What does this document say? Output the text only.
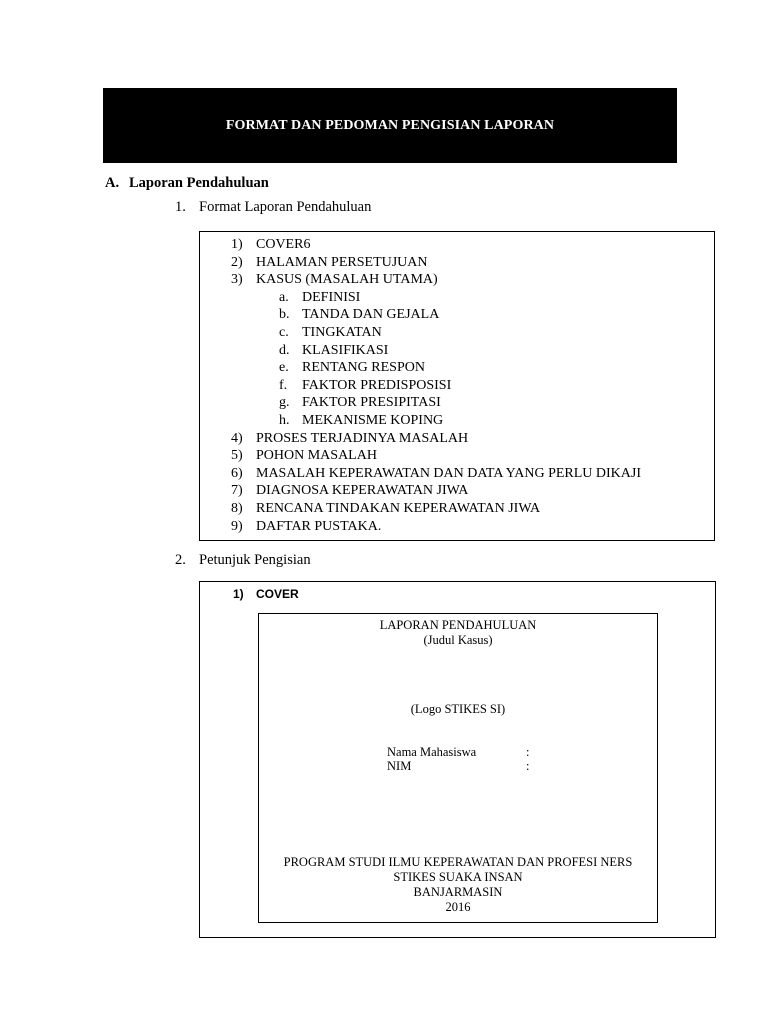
FORMAT DAN PEDOMAN PENGISIAN LAPORAN
A. Laporan Pendahuluan
1. Format Laporan Pendahuluan
1) COVER6
2) HALAMAN PERSETUJUAN
3) KASUS (MASALAH UTAMA)
a. DEFINISI
b. TANDA DAN GEJALA
c. TINGKATAN
d. KLASIFIKASI
e. RENTANG RESPON
f. FAKTOR PREDISPOSISI
g. FAKTOR PRESIPITASI
h. MEKANISME KOPING
4) PROSES TERJADINYA MASALAH
5) POHON MASALAH
6) MASALAH KEPERAWATAN DAN DATA YANG PERLU DIKAJI
7) DIAGNOSA KEPERAWATAN JIWA
8) RENCANA TINDAKAN KEPERAWATAN JIWA
9) DAFTAR PUSTAKA.
2. Petunjuk Pengisian
1) COVER
LAPORAN PENDAHULUAN
(Judul Kasus)
(Logo STIKES SI)
Nama Mahasiswa	:
NIM	:
PROGRAM STUDI ILMU KEPERAWATAN DAN PROFESI NERS
STIKES SUAKA INSAN
BANJARMASIN
2016
